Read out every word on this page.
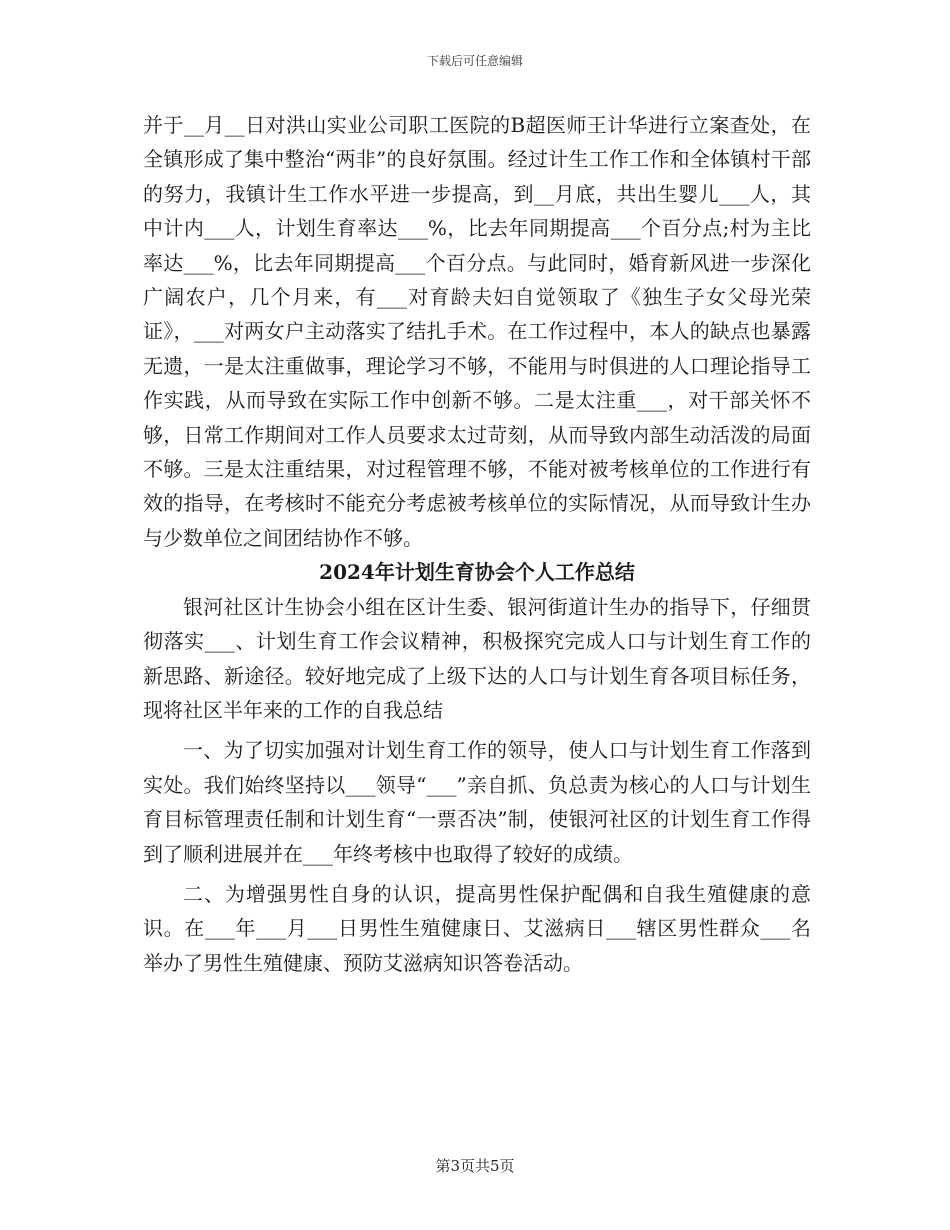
下载后可任意编辑

并于__月__日对洪山实业公司职工医院的B超医师王计华进行立案查处，在全镇形成了集中整治“两非”的良好氛围。经过计生工作工作和全体镇村干部的努力，我镇计生工作水平进一步提高，到__月底，共出生婴儿___人，其中计内___人，计划生育率达___%，比去年同期提高___个百分点;村为主比率达___%，比去年同期提高___个百分点。与此同时，婚育新风进一步深化广阔农户，几个月来，有___对育龄夫妇自觉领取了《独生子女父母光荣证》，___对两女户主动落实了结扎手术。在工作过程中，本人的缺点也暴露无遗，一是太注重做事，理论学习不够，不能用与时俱进的人口理论指导工作实践，从而导致在实际工作中创新不够。二是太注重___，对干部关怀不够，日常工作期间对工作人员要求太过苛刻，从而导致内部生动活泼的局面不够。三是太注重结果，对过程管理不够，不能对被考核单位的工作进行有效的指导，在考核时不能充分考虑被考核单位的实际情况，从而导致计生办与少数单位之间团结协作不够。

2024年计划生育协会个人工作总结

银河社区计生协会小组在区计生委、银河街道计生办的指导下，仔细贯彻落实___、计划生育工作会议精神，积极探究完成人口与计划生育工作的新思路、新途径。较好地完成了上级下达的人口与计划生育各项目标任务，现将社区半年来的工作的自我总结

一、为了切实加强对计划生育工作的领导，使人口与计划生育工作落到实处。我们始终坚持以___领导“___”亲自抓、负总责为核心的人口与计划生育目标管理责任制和计划生育“一票否决”制，使银河社区的计划生育工作得到了顺利进展并在___年终考核中也取得了较好的成绩。

二、为增强男性自身的认识，提高男性保护配偶和自我生殖健康的意识。在___年___月___日男性生殖健康日、艾滋病日___辖区男性群众___名举办了男性生殖健康、预防艾滋病知识答卷活动。

第3页共5页
